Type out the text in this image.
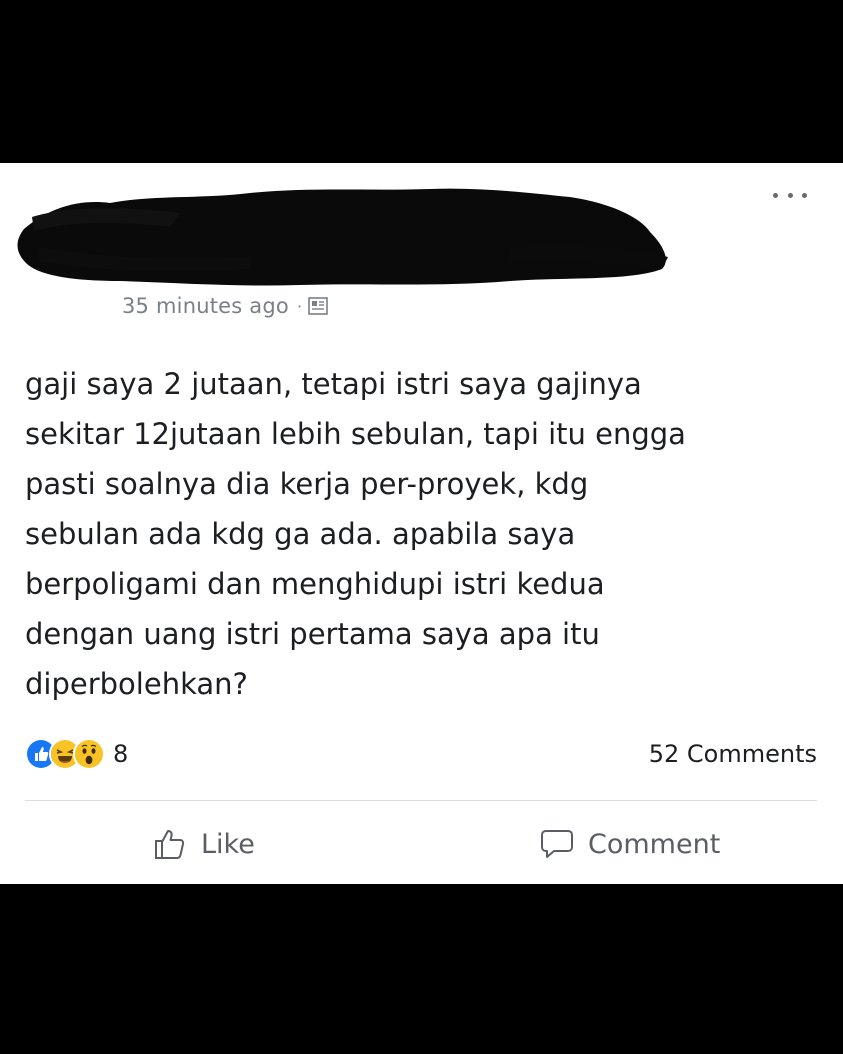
35 minutes ago ·

gaji saya 2 jutaan, tetapi istri saya gajinya
sekitar 12jutaan lebih sebulan, tapi itu engga
pasti soalnya dia kerja per-proyek, kdg
sebulan ada kdg ga ada. apabila saya
berpoligami dan menghidupi istri kedua
dengan uang istri pertama saya apa itu
diperbolehkan?

8	52 Comments
Like	Comment
